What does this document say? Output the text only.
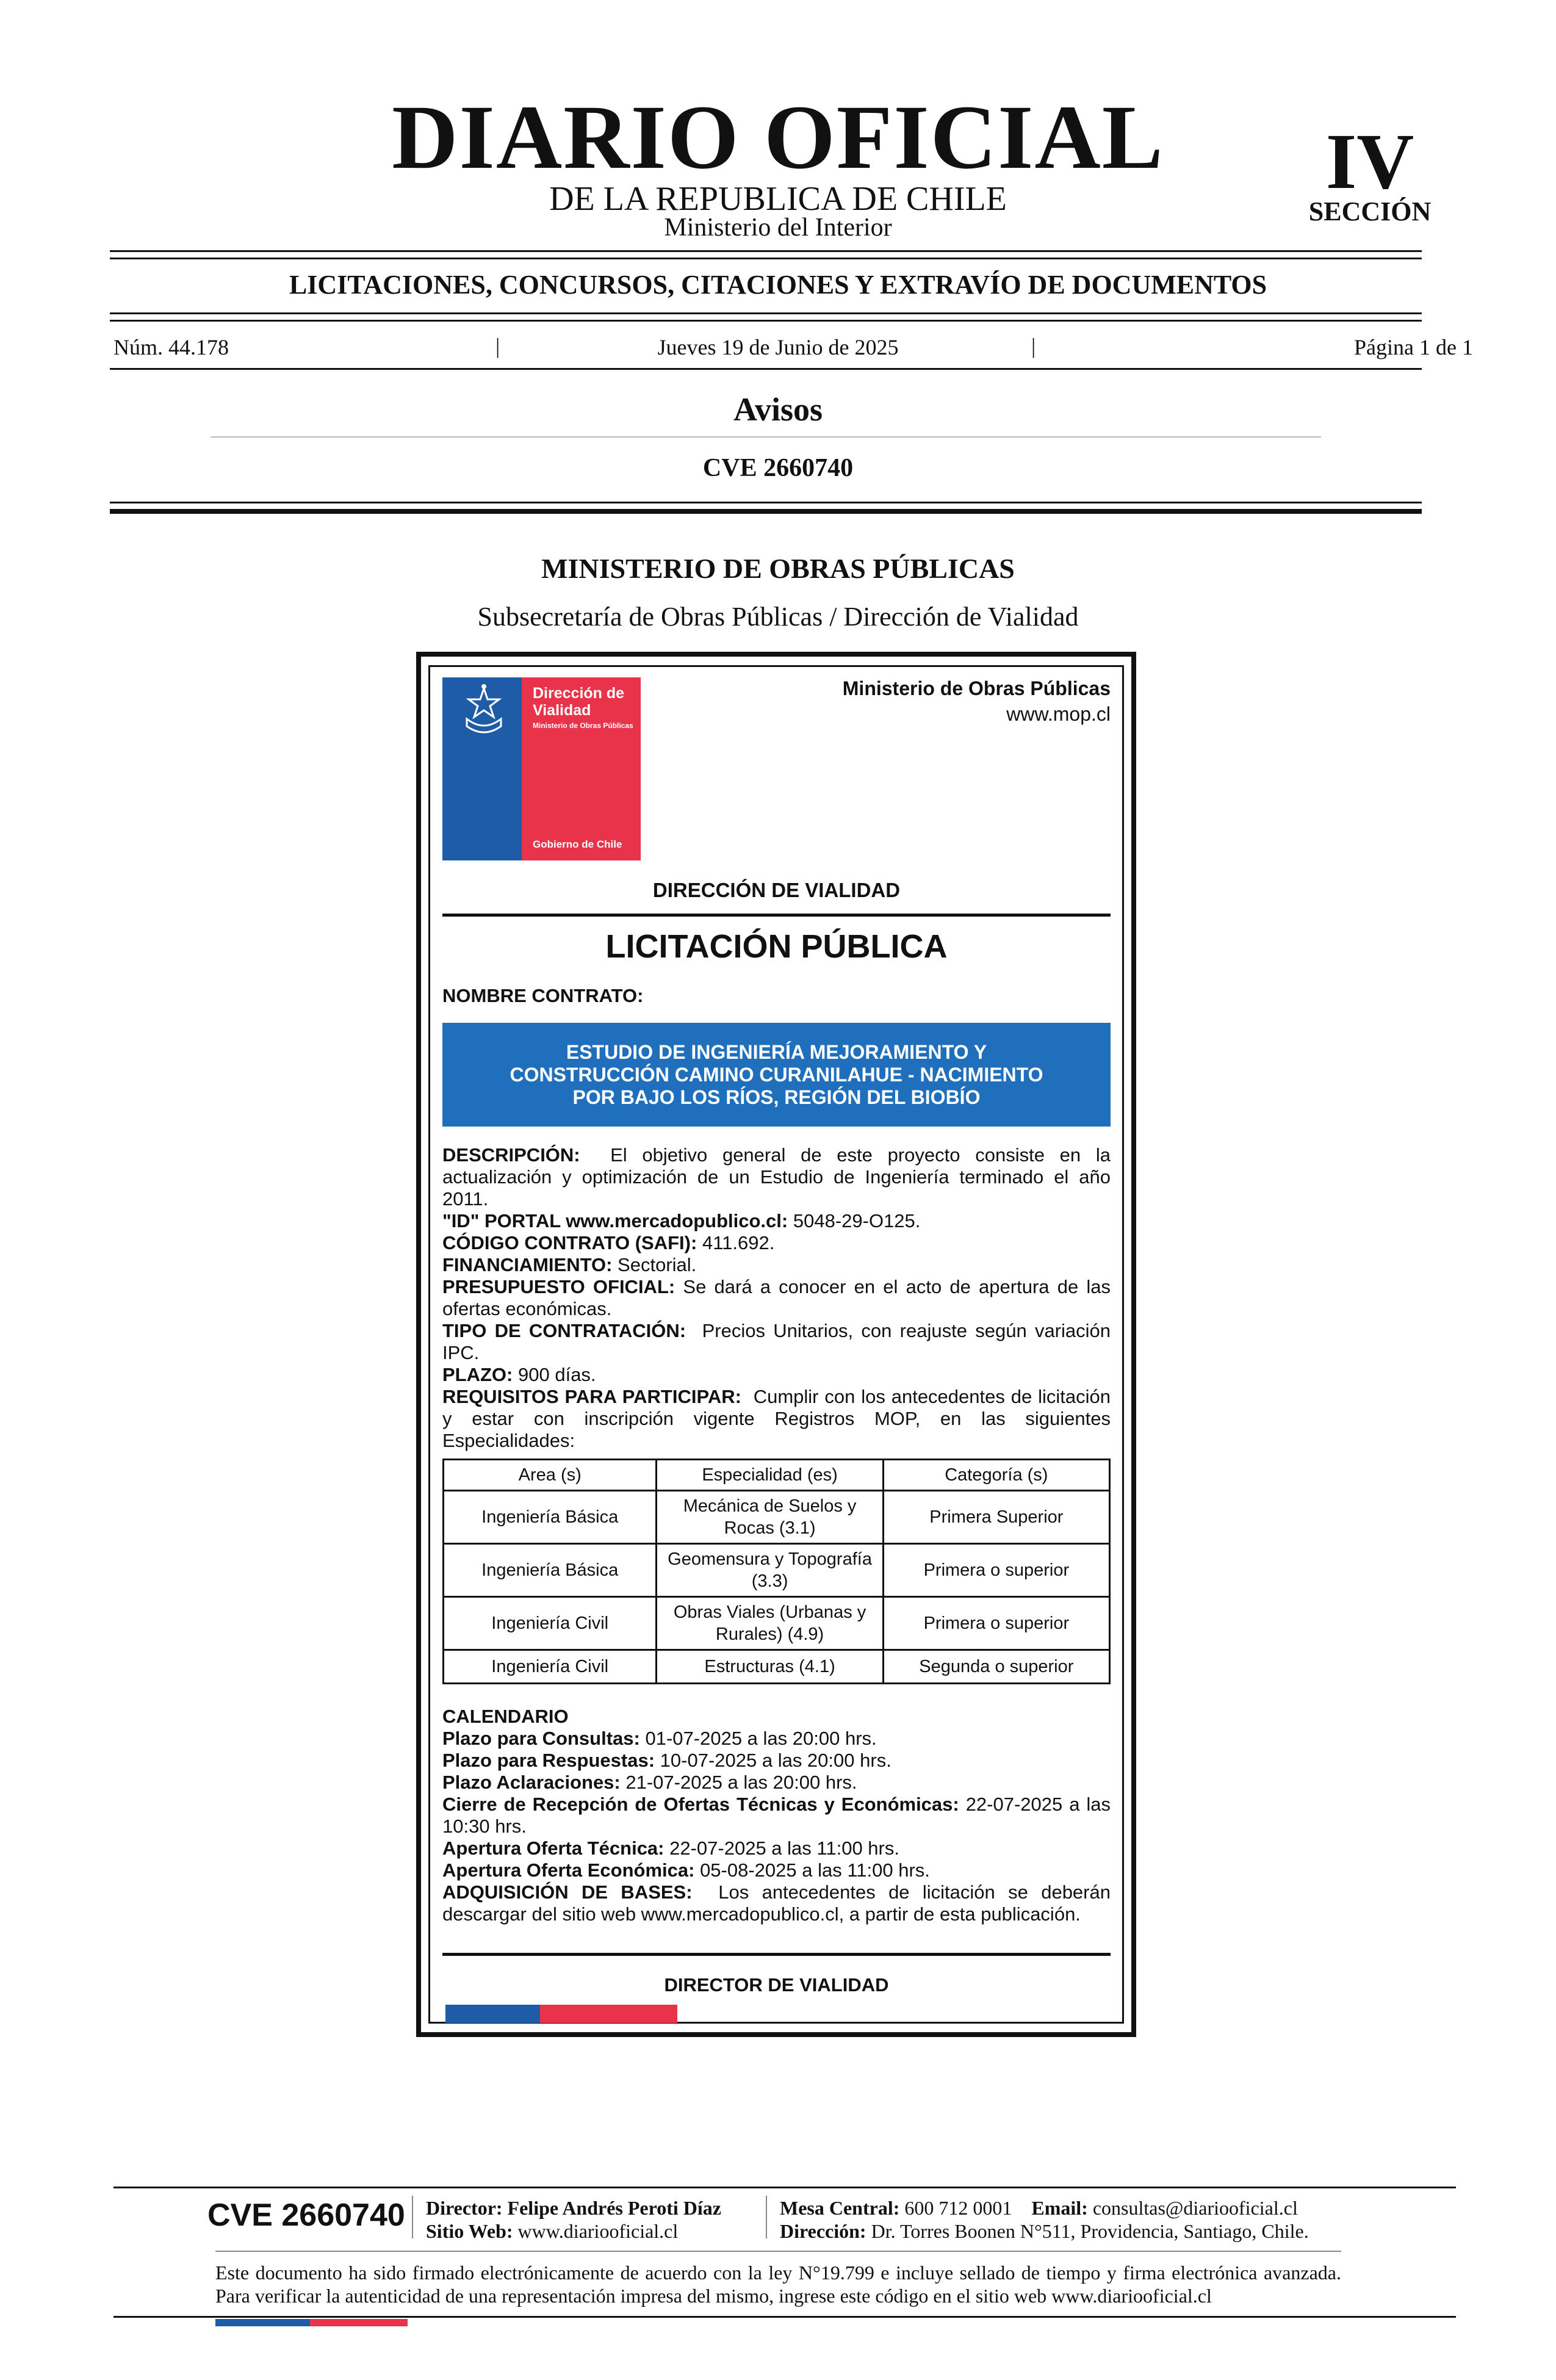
DIARIO OFICIAL
DE LA REPUBLICA DE CHILE
Ministerio del Interior
IV
SECCIÓN
LICITACIONES, CONCURSOS, CITACIONES Y EXTRAVÍO DE DOCUMENTOS
Núm. 44.178	|	Jueves 19 de Junio de 2025	|	Página 1 de 1
Avisos
CVE 2660740
MINISTERIO DE OBRAS PÚBLICAS
Subsecretaría de Obras Públicas / Dirección de Vialidad
Dirección de Vialidad
Ministerio de Obras Públicas
Gobierno de Chile
Ministerio de Obras Públicas
www.mop.cl
DIRECCIÓN DE VIALIDAD
LICITACIÓN PÚBLICA
NOMBRE CONTRATO:
ESTUDIO DE INGENIERÍA MEJORAMIENTO Y
CONSTRUCCIÓN CAMINO CURANILAHUE - NACIMIENTO
POR BAJO LOS RÍOS, REGIÓN DEL BIOBÍO

DESCRIPCIÓN: El objetivo general de este proyecto consiste en la actualización y optimización de un Estudio de Ingeniería terminado el año 2011.

"ID" PORTAL www.mercadopublico.cl: 5048-29-O125.

CÓDIGO CONTRATO (SAFI): 411.692.

FINANCIAMIENTO: Sectorial.

PRESUPUESTO OFICIAL: Se dará a conocer en el acto de apertura de las ofertas económicas.

TIPO DE CONTRATACIÓN: Precios Unitarios, con reajuste según variación IPC.

PLAZO: 900 días.

REQUISITOS PARA PARTICIPAR: Cumplir con los antecedentes de licitación y estar con inscripción vigente Registros MOP, en las siguientes Especialidades:

Area (s)	Especialidad (es)	Categoría (s)
Ingeniería Básica	Mecánica de Suelos y Rocas (3.1)	Primera Superior
Ingeniería Básica	Geomensura y Topografía (3.3)	Primera o superior
Ingeniería Civil	Obras Viales (Urbanas y Rurales) (4.9)	Primera o superior
Ingeniería Civil	Estructuras (4.1)	Segunda o superior

CALENDARIO

Plazo para Consultas: 01-07-2025 a las 20:00 hrs.

Plazo para Respuestas: 10-07-2025 a las 20:00 hrs.

Plazo Aclaraciones: 21-07-2025 a las 20:00 hrs.

Cierre de Recepción de Ofertas Técnicas y Económicas: 22-07-2025 a las 10:30 hrs.

Apertura Oferta Técnica: 22-07-2025 a las 11:00 hrs.

Apertura Oferta Económica: 05-08-2025 a las 11:00 hrs.

ADQUISICIÓN DE BASES: Los antecedentes de licitación se deberán descargar del sitio web www.mercadopublico.cl, a partir de esta publicación.

DIRECTOR DE VIALIDAD
CVE 2660740 Director: Felipe Andrés Peroti Díaz
Sitio Web: www.diariooficial.cl
Mesa Central: 600 712 0001 Email: consultas@diariooficial.cl
Dirección: Dr. Torres Boonen N°511, Providencia, Santiago, Chile.
Este documento ha sido firmado electrónicamente de acuerdo con la ley N°19.799 e incluye sellado de tiempo y firma electrónica avanzada. Para verificar la autenticidad de una representación impresa del mismo, ingrese este código en el sitio web www.diariooficial.cl
